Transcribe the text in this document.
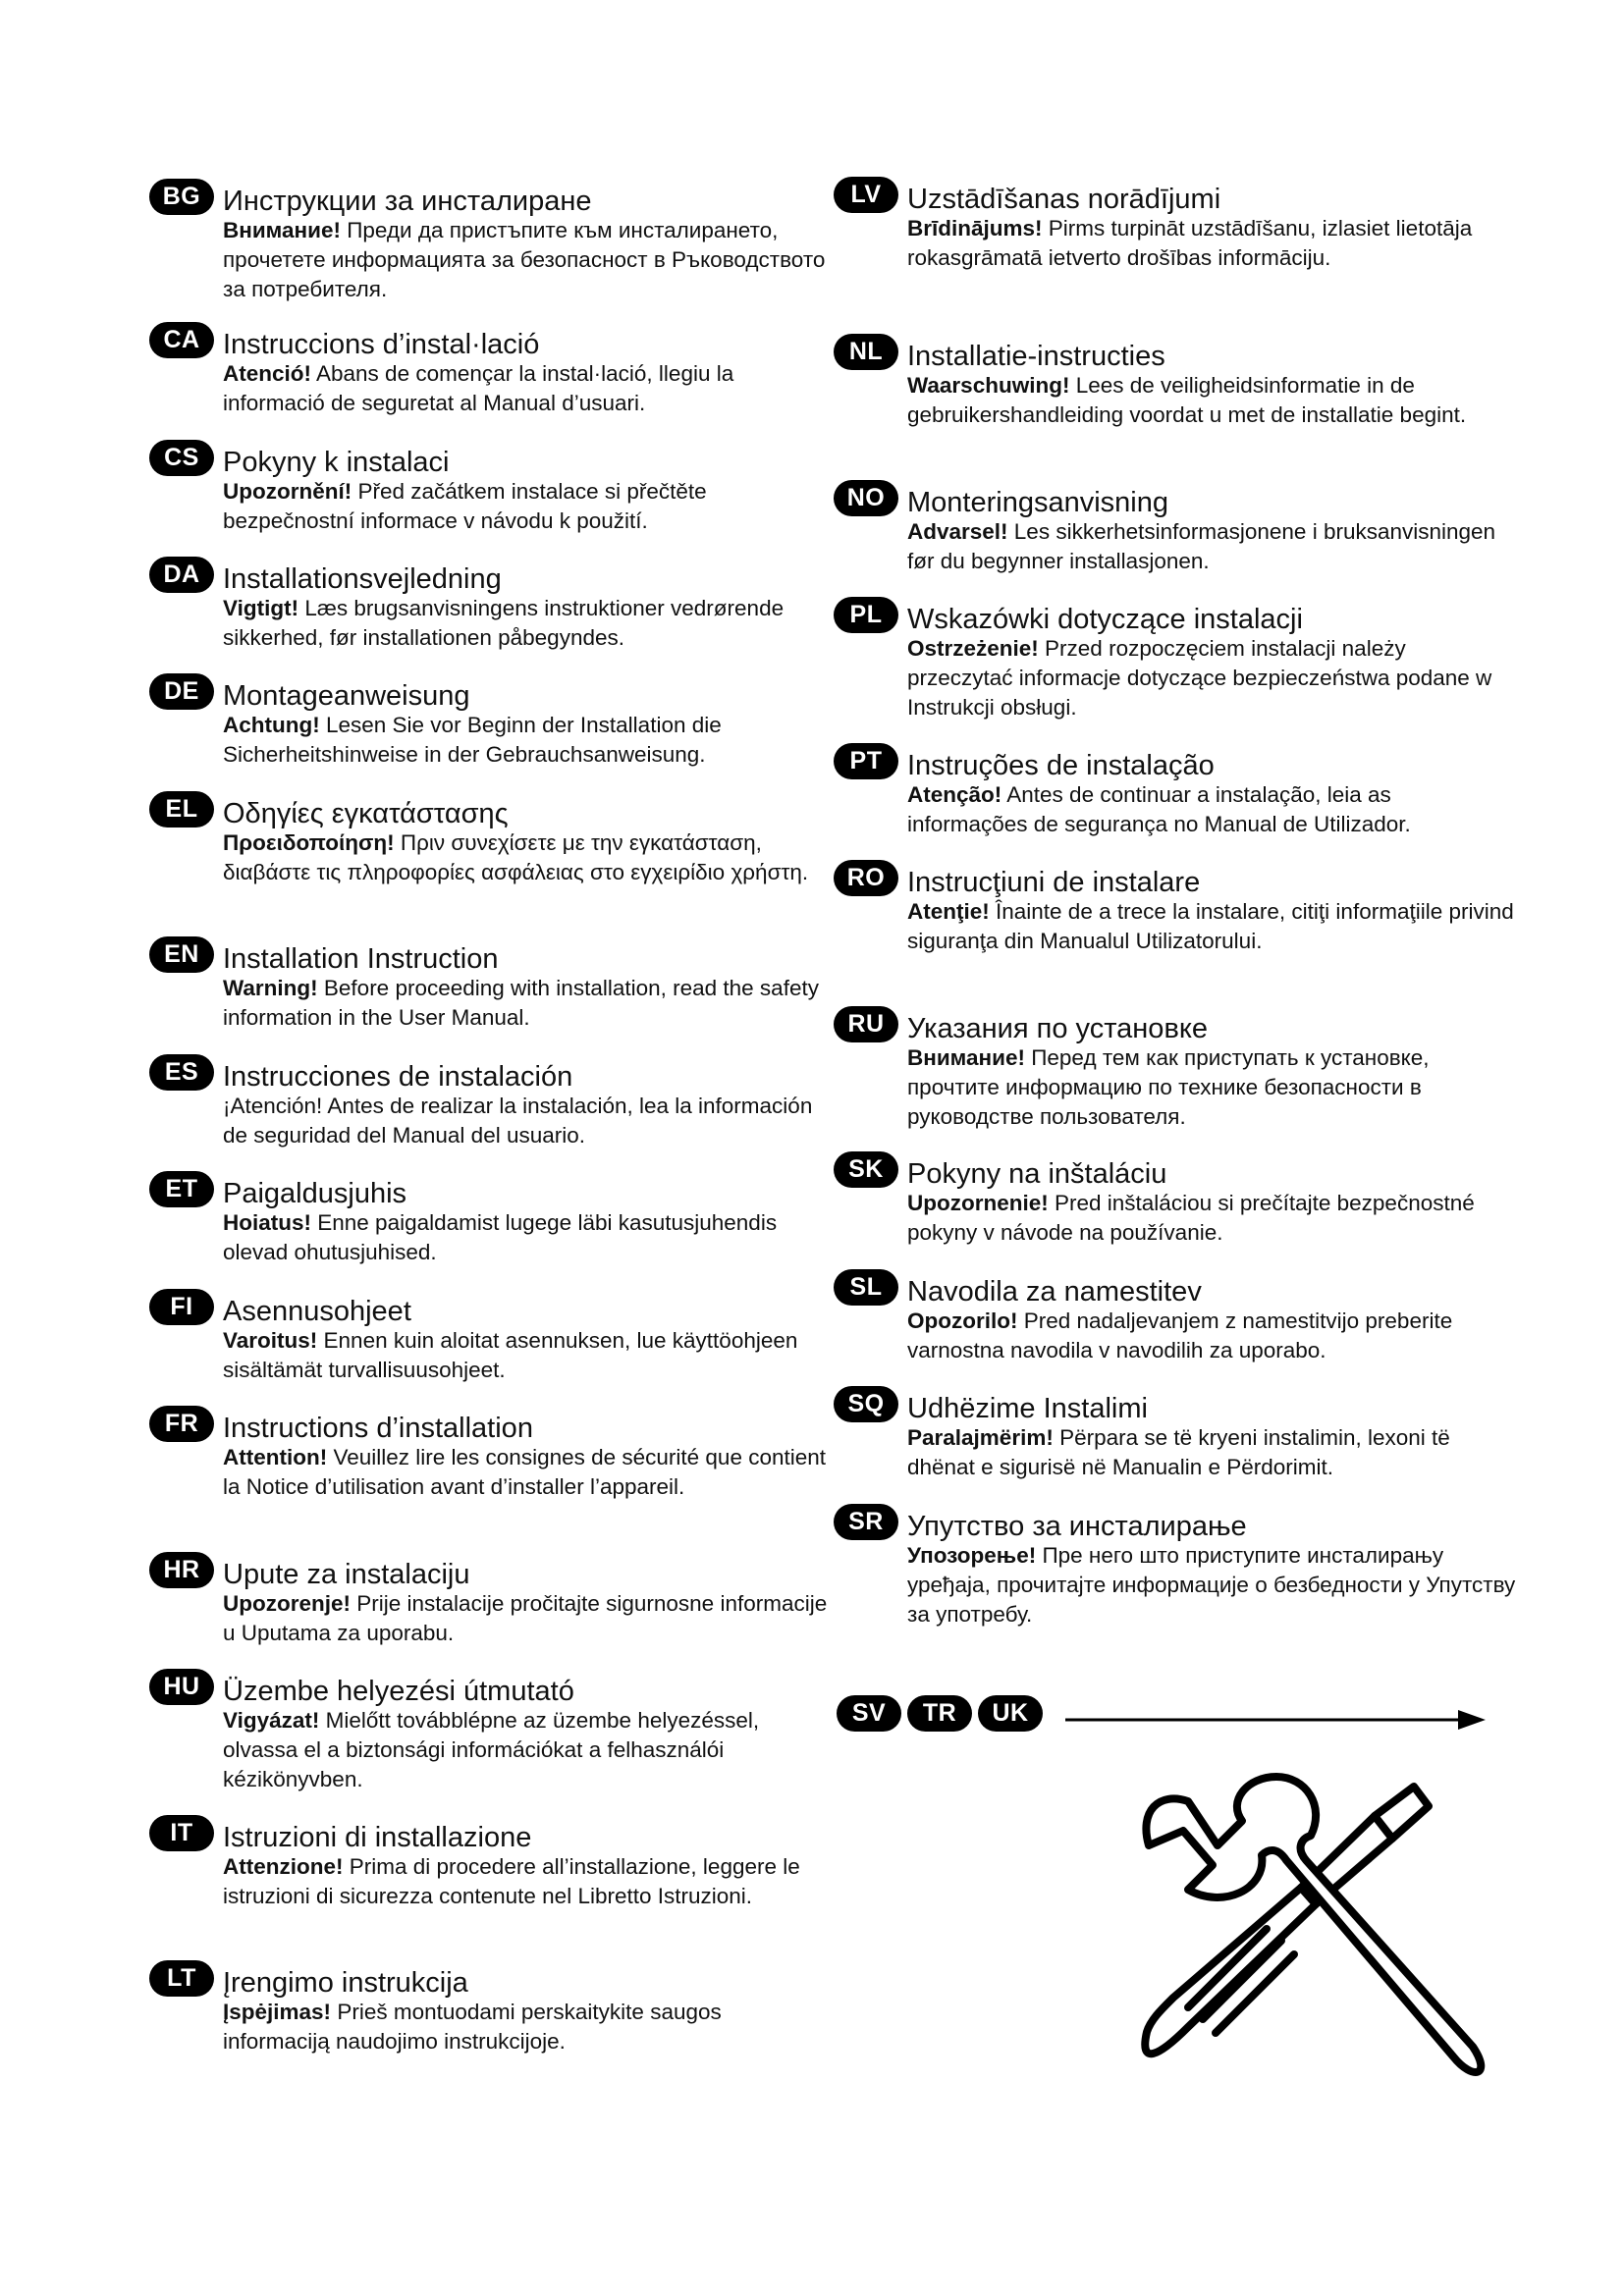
BG Инструкции за инсталиране
Внимание! Преди да пристъпите към инсталирането, прочетете информацията за безопасност в Ръководството за потребителя.
CA Instruccions d’instal·lació
Atenció! Abans de començar la instal·lació, llegiu la informació de seguretat al Manual d’usuari.
CS Pokyny k instalaci
Upozornění! Před začátkem instalace si přečtěte bezpečnostní informace v návodu k použití.
DA Installationsvejledning
Vigtigt! Læs brugsanvisningens instruktioner vedrørende sikkerhed, før installationen påbegyndes.
DE Montageanweisung
Achtung! Lesen Sie vor Beginn der Installation die Sicherheitshinweise in der Gebrauchsanweisung.
EL Οδηγίες εγκατάστασης
Προειδοποίηση! Πριν συνεχίσετε με την εγκατάσταση, διαβάστε τις πληροφορίες ασφάλειας στο εγχειρίδιο χρήστη.
EN Installation Instruction
Warning! Before proceeding with installation, read the safety information in the User Manual.
ES Instrucciones de instalación
¡Atención! Antes de realizar la instalación, lea la información de seguridad del Manual del usuario.
ET Paigaldusjuhis
Hoiatus! Enne paigaldamist lugege läbi kasutusjuhendis olevad ohutusjuhised.
FI	Asennusohjeet
Varoitus! Ennen kuin aloitat asennuksen, lue käyttöohjeen sisältämät turvallisuusohjeet.
FR Instructions d’installation
Attention! Veuillez lire les consignes de sécurité que contient la Notice d’utilisation avant d’installer l’appareil.
HR Upute za instalaciju
Upozorenje! Prije instalacije pročitajte sigurnosne informacije u Uputama za uporabu.
HU Üzembe helyezési útmutató
Vigyázat! Mielőtt továbblépne az üzembe helyezéssel, olvassa el a biztonsági információkat a felhasználói kézikönyvben.
IT	Istruzioni di installazione
Attenzione! Prima di procedere all’installazione, leggere le istruzioni di sicurezza contenute nel Libretto Istruzioni.
LT Įrengimo instrukcija
Įspėjimas! Prieš montuodami perskaitykite saugos informaciją naudojimo instrukcijoje.
LV Uzstādīšanas norādījumi
Brīdinājums! Pirms turpināt uzstādīšanu, izlasiet lietotāja rokasgrāmatā ietverto drošības informāciju.
NL Installatie-instructies
Waarschuwing! Lees de veiligheidsinformatie in de gebruikershandleiding voordat u met de installatie begint.
NO Monteringsanvisning
Advarsel! Les sikkerhetsinformasjonene i bruksanvisningen før du begynner installasjonen.
PL Wskazówki dotyczące instalacji
Ostrzeżenie! Przed rozpoczęciem instalacji należy przeczytać informacje dotyczące bezpieczeństwa podane w Instrukcji obsługi.
PT Instruções de instalação
Atenção! Antes de continuar a instalação, leia as informações de segurança no Manual de Utilizador.
RO Instrucţiuni de instalare
Atenţie! Înainte de a trece la instalare, citiţi informaţiile privind siguranţa din Manualul Utilizatorului.
RU Указания по установке
Внимание! Перед тем как приступать к установке, прочтите информацию по технике безопасности в руководстве пользователя.
SK Pokyny na inštaláciu
Upozornenie! Pred inštaláciou si prečítajte bezpečnostné pokyny v návode na používanie.
SL Navodila za namestitev
Opozorilo! Pred nadaljevanjem z namestitvijo preberite varnostna navodila v navodilih za uporabo.
SQ Udhëzime Instalimi
Paralajmërim! Përpara se të kryeni instalimin, lexoni të dhënat e sigurisë në Manualin e Përdorimit.
SR Упутство за инсталирање
Упозорење! Пре него што приступите инсталирању уређаја, прочитајте информације о безбедности у Упутству за употребу.
SV TR UK
